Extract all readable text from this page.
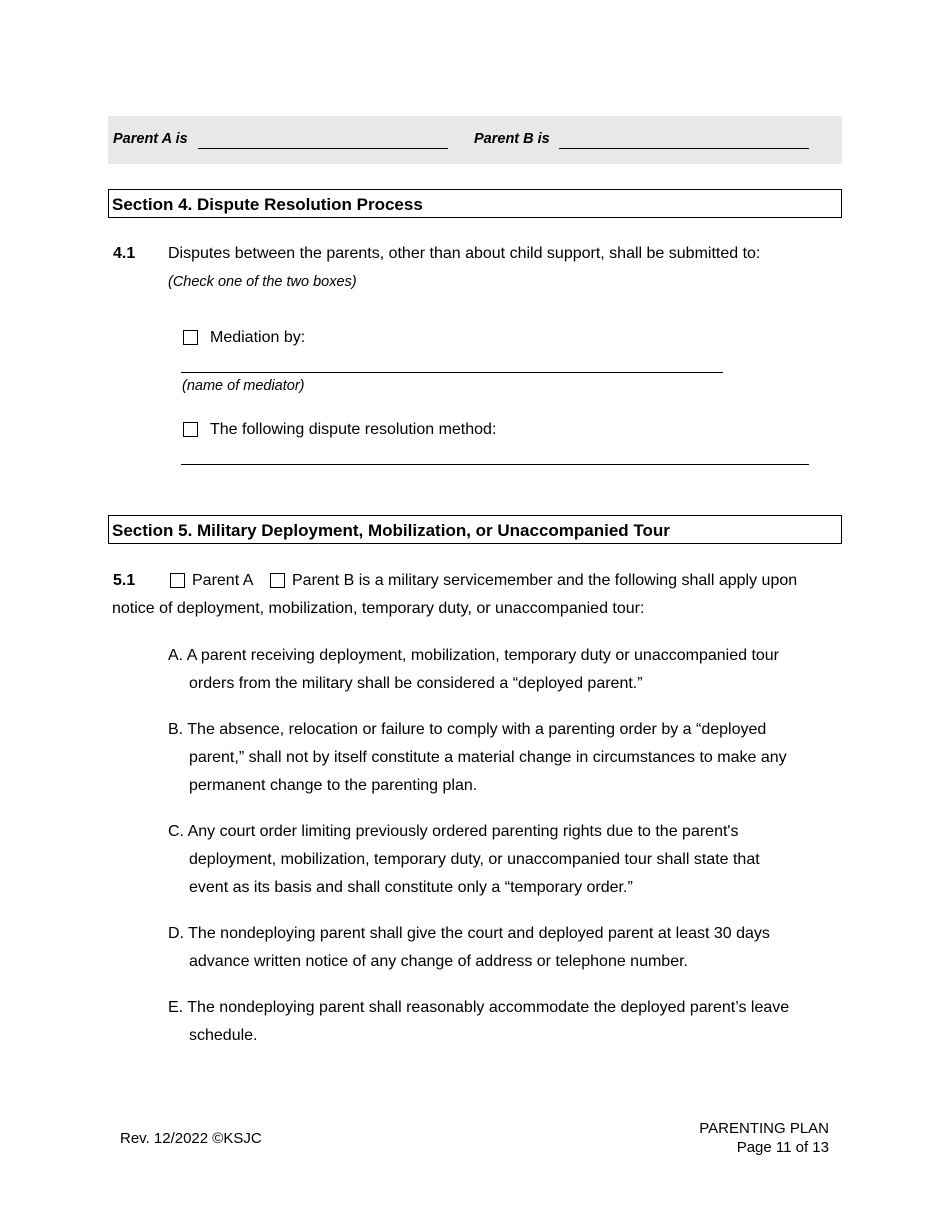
Parent A is	Parent B is
Section 4. Dispute Resolution Process
4.1 Disputes between the parents, other than about child support, shall be submitted to:
(Check one of the two boxes)
Mediation by:
(name of mediator)
The following dispute resolution method:
Section 5. Military Deployment, Mobilization, or Unaccompanied Tour
5.1	Parent A Parent B is a military servicemember and the following shall apply upon
notice of deployment, mobilization, temporary duty, or unaccompanied tour:
A. A parent receiving deployment, mobilization, temporary duty or unaccompanied tour
orders from the military shall be considered a “deployed parent.”
B. The absence, relocation or failure to comply with a parenting order by a “deployed
parent,” shall not by itself constitute a material change in circumstances to make any
permanent change to the parenting plan.
C. Any court order limiting previously ordered parenting rights due to the parent's
deployment, mobilization, temporary duty, or unaccompanied tour shall state that
event as its basis and shall constitute only a “temporary order.”
D. The nondeploying parent shall give the court and deployed parent at least 30 days
advance written notice of any change of address or telephone number.
E. The nondeploying parent shall reasonably accommodate the deployed parent’s leave
schedule.
Rev. 12/2022 ©KSJC
PARENTING PLAN
Page 11 of 13
